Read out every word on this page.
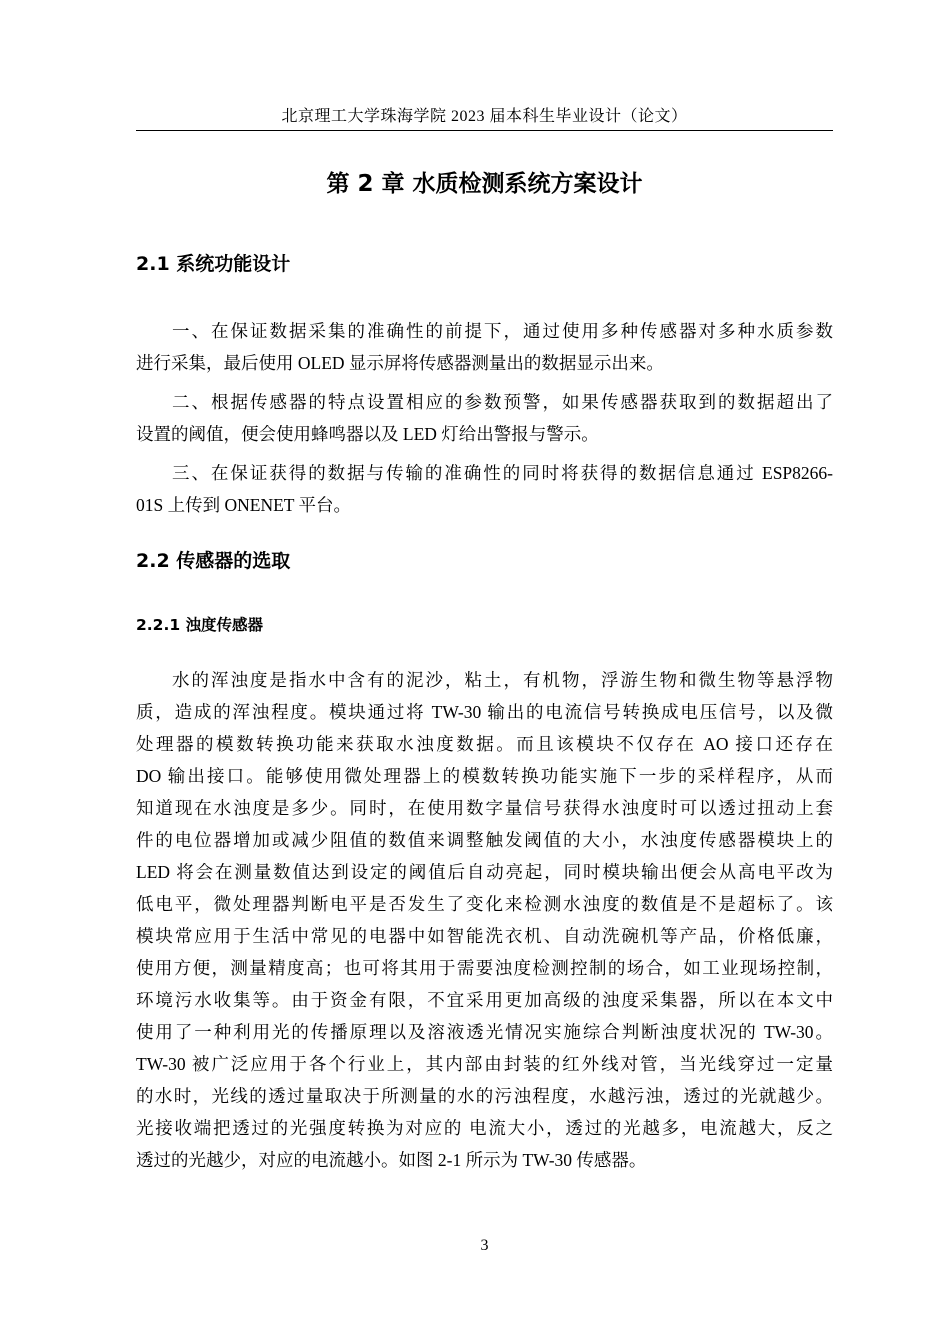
北京理工大学珠海学院 2023 届本科生毕业设计（论文）
第 2 章 水质检测系统方案设计
2.1 系统功能设计
一、在保证数据采集的准确性的前提下，通过使用多种传感器对多种水质参数
进行采集，最后使用 OLED 显示屏将传感器测量出的数据显示出来。
二、根据传感器的特点设置相应的参数预警，如果传感器获取到的数据超出了
设置的阈值，便会使用蜂鸣器以及 LED 灯给出警报与警示。
三、在保证获得的数据与传输的准确性的同时将获得的数据信息通过 ESP8266-
01S 上传到 ONENET 平台。
2.2 传感器的选取
2.2.1 浊度传感器
水的浑浊度是指水中含有的泥沙，粘土，有机物，浮游生物和微生物等悬浮物
质，造成的浑浊程度。模块通过将 TW-30 输出的电流信号转换成电压信号，以及微
处理器的模数转换功能来获取水浊度数据。而且该模块不仅存在 AO 接口还存在
DO 输出接口。能够使用微处理器上的模数转换功能实施下一步的采样程序，从而
知道现在水浊度是多少。同时，在使用数字量信号获得水浊度时可以透过扭动上套
件的电位器增加或减少阻值的数值来调整触发阈值的大小，水浊度传感器模块上的
LED 将会在测量数值达到设定的阈值后自动亮起，同时模块输出便会从高电平改为
低电平，微处理器判断电平是否发生了变化来检测水浊度的数值是不是超标了。该
模块常应用于生活中常见的电器中如智能洗衣机、自动洗碗机等产品，价格低廉，
使用方便，测量精度高；也可将其用于需要浊度检测控制的场合，如工业现场控制，
环境污水收集等。由于资金有限，不宜采用更加高级的浊度采集器，所以在本文中
使用了一种利用光的传播原理以及溶液透光情况实施综合判断浊度状况的 TW-30。
TW-30 被广泛应用于各个行业上，其内部由封装的红外线对管，当光线穿过一定量
的水时，光线的透过量取决于所测量的水的污浊程度，水越污浊，透过的光就越少。
光接收端把透过的光强度转换为对应的 电流大小，透过的光越多，电流越大，反之
透过的光越少，对应的电流越小。如图 2-1 所示为 TW-30 传感器。
3
